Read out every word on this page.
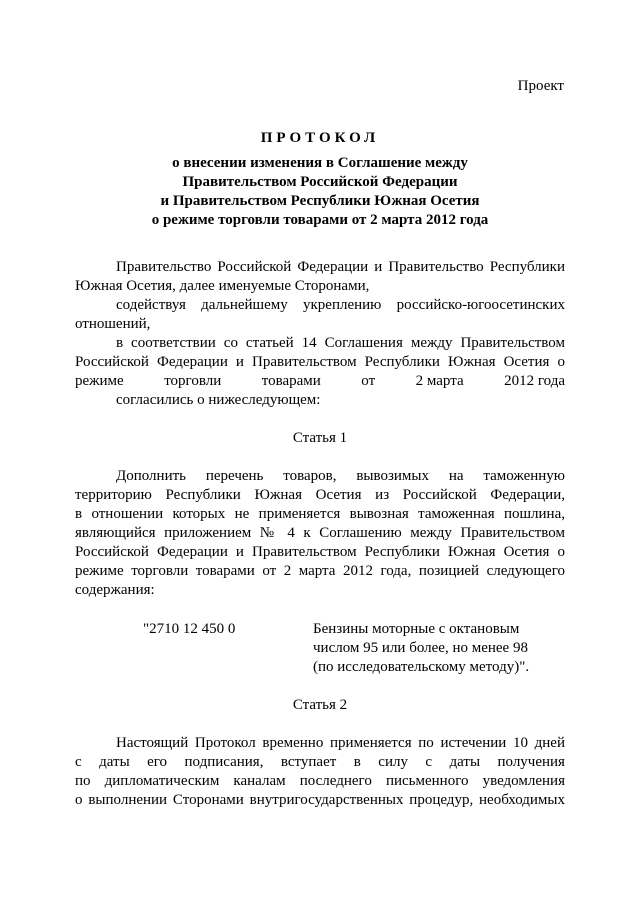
Проект

ПРОТОКОЛ

о внесении изменения в Соглашение между
Правительством Российской Федерации
и Правительством Республики Южная Осетия
о режиме торговли товарами от 2 марта 2012 года

Правительство Российской Федерации и Правительство Республики

Южная Осетия, далее именуемые Сторонами,

содействуя дальнейшему укреплению российско-югоосетинских

отношений,

в соответствии со статьей 14 Соглашения между Правительством

Российской Федерации и Правительством Республики Южная Осетия о

режиме	торговли	товарами	от	2 марта	2012 года

согласились о нижеследующем:

Статья 1

Дополнить перечень товаров, вывозимых на таможенную

территорию Республики Южная Осетия из Российской Федерации,

в отношении которых не применяется вывозная таможенная пошлина,

являющийся приложением № 4 к Соглашению между Правительством

Российской Федерации и Правительством Республики Южная Осетия о

режиме торговли товарами от 2 марта 2012 года, позицией следующего

содержания:

"2710 12 450 0	Бензины моторные с октановым
числом 95 или более, но менее 98
(по исследовательскому методу)".

Статья 2

Настоящий Протокол временно применяется по истечении 10 дней

с даты его подписания, вступает в силу с даты получения

по дипломатическим каналам последнего письменного уведомления

о выполнении Сторонами внутригосударственных процедур, необходимых
